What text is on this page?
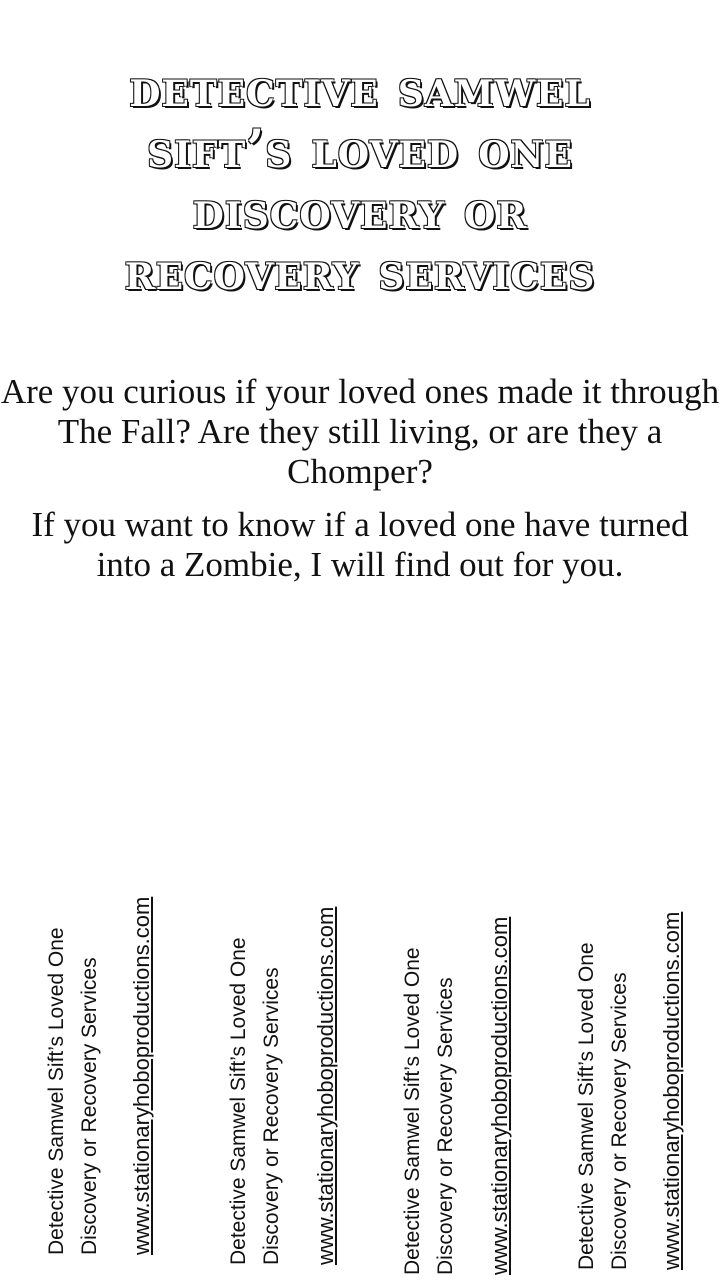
detective samwel
sift’s loved one
discovery or
recovery services

Are you curious if your loved ones made it through The Fall? Are they still living, or are they a Chomper?

If you want to know if a loved one have turned into a Zombie, I will find out for you.

Detective Samwel Sift’s Loved One Discovery or Recovery Services www.stationaryhoboproductions.com	Detective Samwel Sift’s Loved One Discovery or Recovery Services www.stationaryhoboproductions.com	Detective Samwel Sift’s Loved One Discovery or Recovery Services www.stationaryhoboproductions.com	Detective Samwel Sift’s Loved One Discovery or Recovery Services www.stationaryhoboproductions.com
